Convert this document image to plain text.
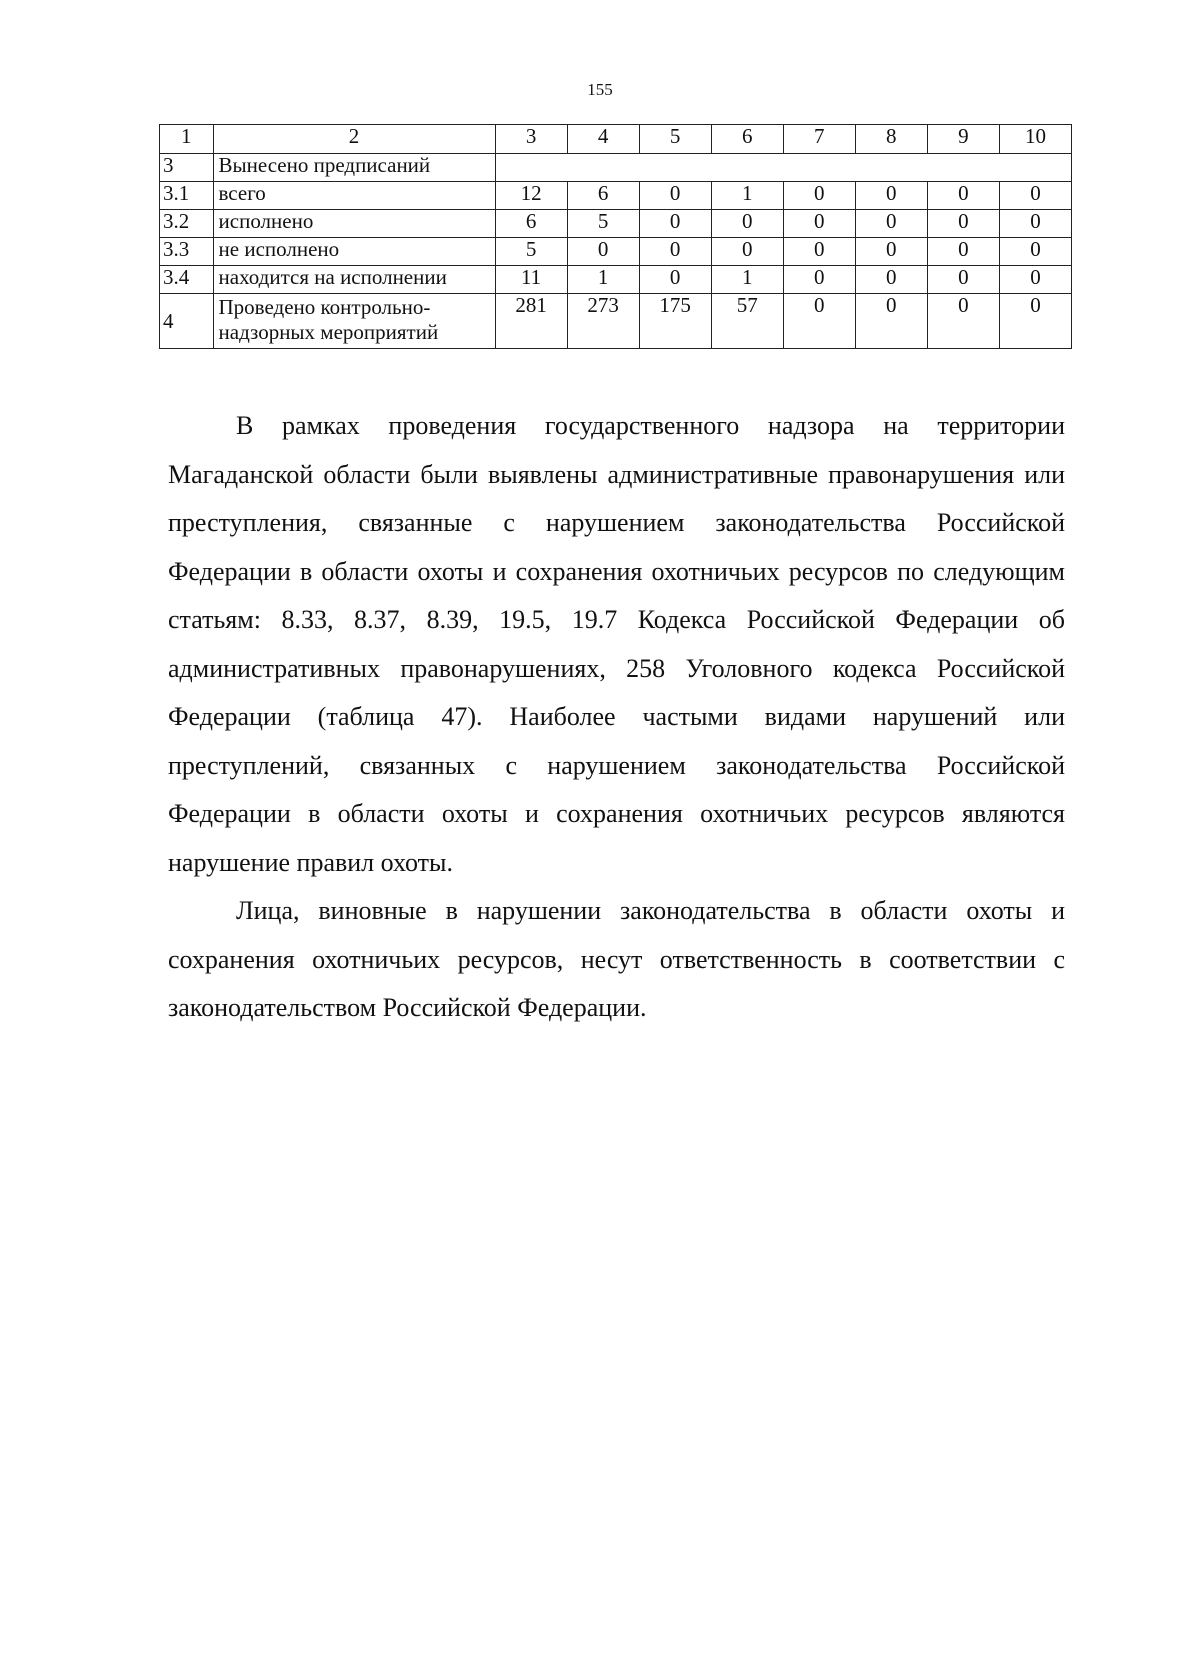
155
1	2	3	4	5	6	7	8	9	10
3	Вынесено предписаний								
3.1	всего	12	6	0	1	0	0	0	0
3.2	исполнено	6	5	0	0	0	0	0	0
3.3	не исполнено	5	0	0	0	0	0	0	0
3.4	находится на исполнении	11	1	0	1	0	0	0	0
4	Проведено контрольно-надзорных мероприятий	281	273	175	57	0	0	0	0

В рамках проведения государственного надзора на территории Магаданской области были выявлены административные правонарушения или преступления, связанные с нарушением законодательства Российской Федерации в области охоты и сохранения охотничьих ресурсов по следующим статьям: 8.33, 8.37, 8.39, 19.5, 19.7 Кодекса Российской Федерации об административных правонарушениях, 258 Уголовного кодекса Российской Федерации (таблица 47). Наиболее частыми видами нарушений или преступлений, связанных с нарушением законодательства Российской Федерации в области охоты и сохранения охотничьих ресурсов являются нарушение правил охоты.

Лица, виновные в нарушении законодательства в области охоты и сохранения охотничьих ресурсов, несут ответственность в соответствии с законодательством Российской Федерации.
